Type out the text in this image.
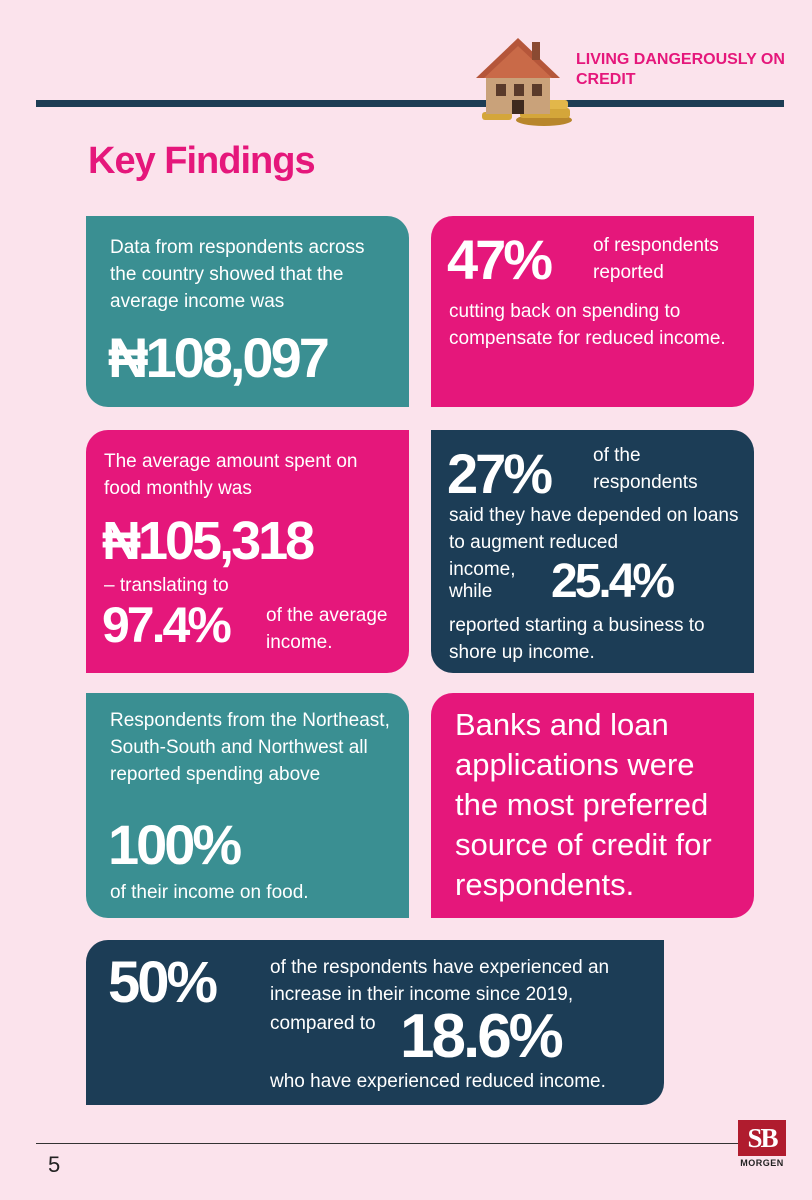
LIVING DANGEROUSLY ON CREDIT
Key Findings
Data from respondents across the country showed that the average income was
₦108,097
47% of respondents reported
cutting back on spending to compensate for reduced income.
The average amount spent on food monthly was
₦105,318
– translating to
97.4% of the average income.
27% of the respondents
said they have depended on loans to augment reduced
income,
while 25.4%
reported starting a business to shore up income.
Respondents from the Northeast, South-South and Northwest all reported spending above
100%
of their income on food.
Banks and loan applications were the most preferred source of credit for respondents.
50%	of the respondents have experienced an increase in their income since 2019,
compared to 18.6%
who have experienced reduced income.
5
SB
MORGEN
